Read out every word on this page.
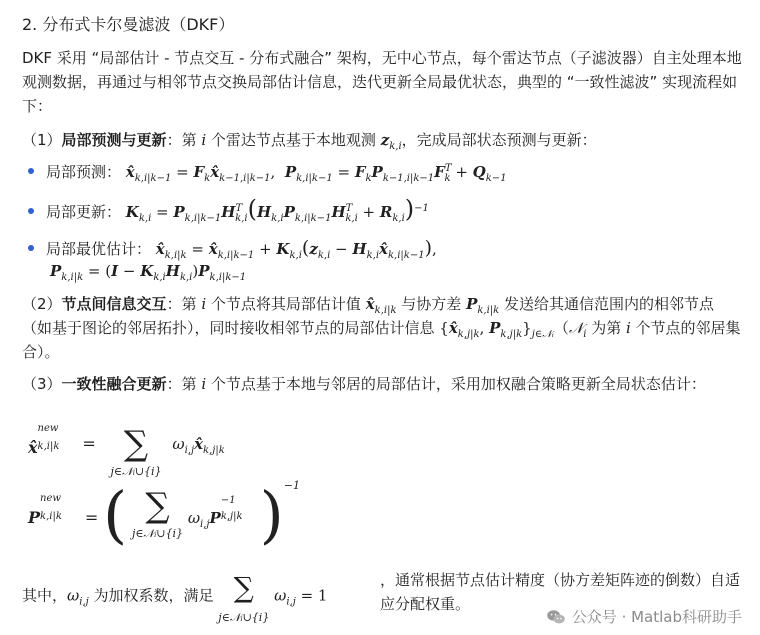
2. 分布式卡尔曼滤波（DKF）
DKF 采用 “局部估计 - 节点交互 - 分布式融合” 架构，无中心节点，每个雷达节点（子滤波器）自主处理本地观测数据，再通过与相邻节点交换局部估计信息，迭代更新全局最优状态，典型的 “一致性滤波” 实现流程如下：
（1）局部预测与更新：第 i 个雷达节点基于本地观测 $z_{k,i}$，完成局部状态预测与更新：
局部预测： $x̂_{k,i|k-1}$ = $F_kx̂_{k-1,i|k-1}$,  $P_{k,i|k-1} = F_kP_{k-1,i|k-1}F^T_k + Q_{k-1}$
局部更新： $K_{k,i} = P_{k,i|k-1}H^T_{k,i}(H_{k,i}P_{k,i|k-1}H^T_{k,i} + R_{k,i})^{-1}$
局部最优估计： $x̂_{k,i|k}$ = $x̂_{k,i|k-1} + K_{k,i}(z_{k,i}$ − $H_{k,i}x̂_{k,i|k-1}$),
$P_{k,i|k} = (I - K_{k,i}H_{k,i})P_{k,i|k-1}$
（2）节点间信息交互：第 i 个节点将其局部估计值 $x̂_{k,i|k}$ 与协方差 $P_{k,i|k}$ 发送给其通信范围内的相邻节点（如基于图论的邻居拓扑），同时接收相邻节点的局部估计信息 {$x̂_{k,j|k}$, $P_{k,j|k}\}_{j\in 𝒩ᵢ}(𝒩_i$ 为第 i 个节点的邻居集合）。
（3）一致性融合更新：第 i 个节点基于本地与邻居的局部估计，采用加权融合策略更新全局状态估计：
x̂
new
k,i|k = ∑
j∈𝒩ᵢ∪{i} $\omega_{i,j}x̂_{k,j|k}$
P
new
k,i|k = ( ∑
j∈𝒩ᵢ∪{i} $\omega_{i,j}P$
−1
k,j|k )$^{-1}$
其中，$\omega_{i,j}$ 为加权系数，满足 ∑
j∈𝒩ᵢ∪{i} $\omega_{i,j} = 1$
，通常根据节点估计精度（协方差矩阵迹的倒数）自适应分配权重。
公众号 · Matlab科研助手
